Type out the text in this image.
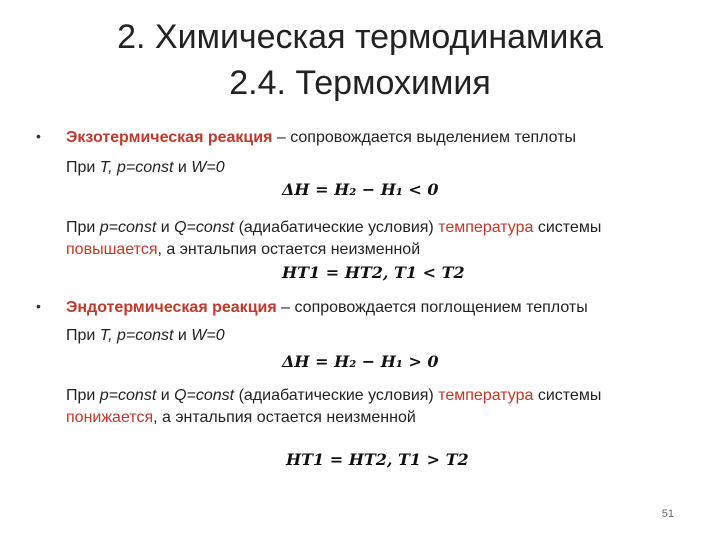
2. Химическая термодинамика
2.4. Термохимия
• Экзотермическая реакция – сопровождается выделением теплоты
При T, p=const и W=0
ΔH = H₂ − H₁ < 0
При p=const и Q=const (адиабатические условия) температура системы
повышается, а энтальпия остается неизменной
HT1 = HT2, T1 < T2
• Эндотермическая реакция – сопровождается поглощением теплоты
При T, p=const и W=0
ΔH = H₂ − H₁ > 0
При p=const и Q=const (адиабатические условия) температура системы
понижается, а энтальпия остается неизменной
HT1 = HT2, T1 > T2
51
